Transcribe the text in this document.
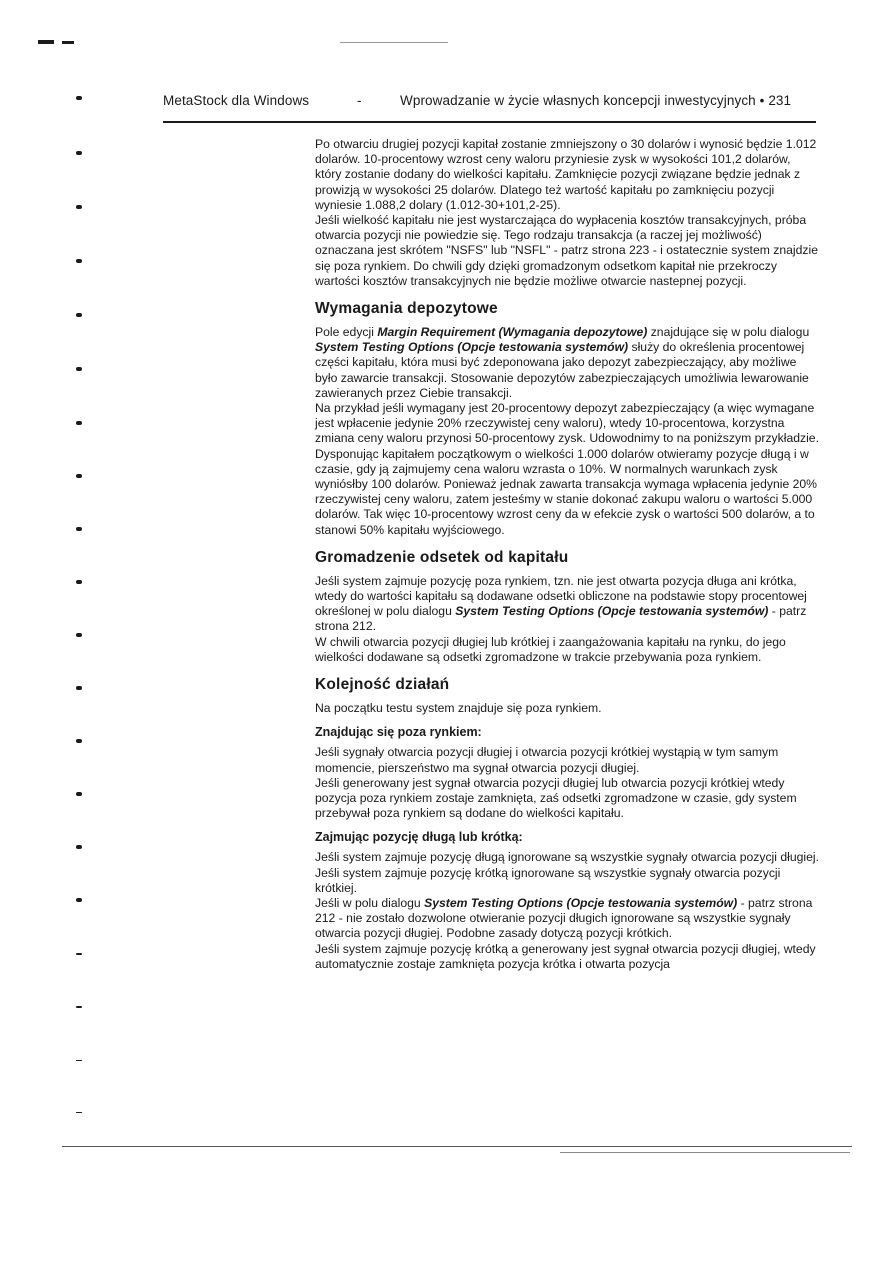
MetaStock dla Windows	-	Wprowadzanie w życie własnych koncepcji inwestycyjnych • 231

Po otwarciu drugiej pozycji kapitał zostanie zmniejszony o 30 dolarów i wynosić będzie 1.012 dolarów. 10-procentowy wzrost ceny waloru przyniesie zysk w wysokości 101,2 dolarów, który zostanie dodany do wielkości kapitału. Zamknięcie pozycji związane będzie jednak z prowizją w wysokości 25 dolarów. Dlatego też wartość kapitału po zamknięciu pozycji wyniesie 1.088,2 dolary (1.012-30+101,2-25).

Jeśli wielkość kapitału nie jest wystarczająca do wypłacenia kosztów transakcyjnych, próba otwarcia pozycji nie powiedzie się. Tego rodzaju transakcja (a raczej jej możliwość) oznaczana jest skrótem "NSFS" lub "NSFL" - patrz strona 223 - i ostatecznie system znajdzie się poza rynkiem. Do chwili gdy dzięki gromadzonym odsetkom kapitał nie przekroczy wartości kosztów transakcyjnych nie będzie możliwe otwarcie nastepnej pozycji.

Wymagania depozytowe

Pole edycji Margin Requirement (Wymagania depozytowe) znajdujące się w polu dialogu System Testing Options (Opcje testowania systemów) służy do określenia procentowej części kapitału, która musi być zdeponowana jako depozyt zabezpieczający, aby możliwe było zawarcie transakcji. Stosowanie depozytów zabezpieczających umożliwia lewarowanie zawieranych przez Ciebie transakcji.

Na przykład jeśli wymagany jest 20-procentowy depozyt zabezpieczający (a więc wymagane jest wpłacenie jedynie 20% rzeczywistej ceny waloru), wtedy 10-procentowa, korzystna zmiana ceny waloru przynosi 50-procentowy zysk. Udowodnimy to na poniższym przykładzie.

Dysponując kapitałem początkowym o wielkości 1.000 dolarów otwieramy pozycje długą i w czasie, gdy ją zajmujemy cena waloru wzrasta o 10%. W normalnych warunkach zysk wyniósłby 100 dolarów. Ponieważ jednak zawarta transakcja wymaga wpłacenia jedynie 20% rzeczywistej ceny waloru, zatem jesteśmy w stanie dokonać zakupu waloru o wartości 5.000 dolarów. Tak więc 10-procentowy wzrost ceny da w efekcie zysk o wartości 500 dolarów, a to stanowi 50% kapitału wyjściowego.

Gromadzenie odsetek od kapitału

Jeśli system zajmuje pozycję poza rynkiem, tzn. nie jest otwarta pozycja długa ani krótka, wtedy do wartości kapitału są dodawane odsetki obliczone na podstawie stopy procentowej określonej w polu dialogu System Testing Options (Opcje testowania systemów) - patrz strona 212.

W chwili otwarcia pozycji długiej lub krótkiej i zaangażowania kapitału na rynku, do jego wielkości dodawane są odsetki zgromadzone w trakcie przebywania poza rynkiem.

Kolejność działań

Na początku testu system znajduje się poza rynkiem.

Znajdując się poza rynkiem:

Jeśli sygnały otwarcia pozycji długiej i otwarcia pozycji krótkiej wystąpią w tym samym momencie, pierszeństwo ma sygnał otwarcia pozycji długiej.

Jeśli generowany jest sygnał otwarcia pozycji długiej lub otwarcia pozycji krótkiej wtedy pozycja poza rynkiem zostaje zamknięta, zaś odsetki zgromadzone w czasie, gdy system przebywał poza rynkiem są dodane do wielkości kapitału.

Zajmując pozycję długą lub krótką:

Jeśli system zajmuje pozycję długą ignorowane są wszystkie sygnały otwarcia pozycji długiej. Jeśli system zajmuje pozycję krótką ignorowane są wszystkie sygnały otwarcia pozycji krótkiej.

Jeśli w polu dialogu System Testing Options (Opcje testowania systemów) - patrz strona 212 - nie zostało dozwolone otwieranie pozycji długich ignorowane są wszystkie sygnały otwarcia pozycji długiej. Podobne zasady dotyczą pozycji krótkich.

Jeśli system zajmuje pozycję krótką a generowany jest sygnał otwarcia pozycji długiej, wtedy automatycznie zostaje zamknięta pozycja krótka i otwarta pozycja
